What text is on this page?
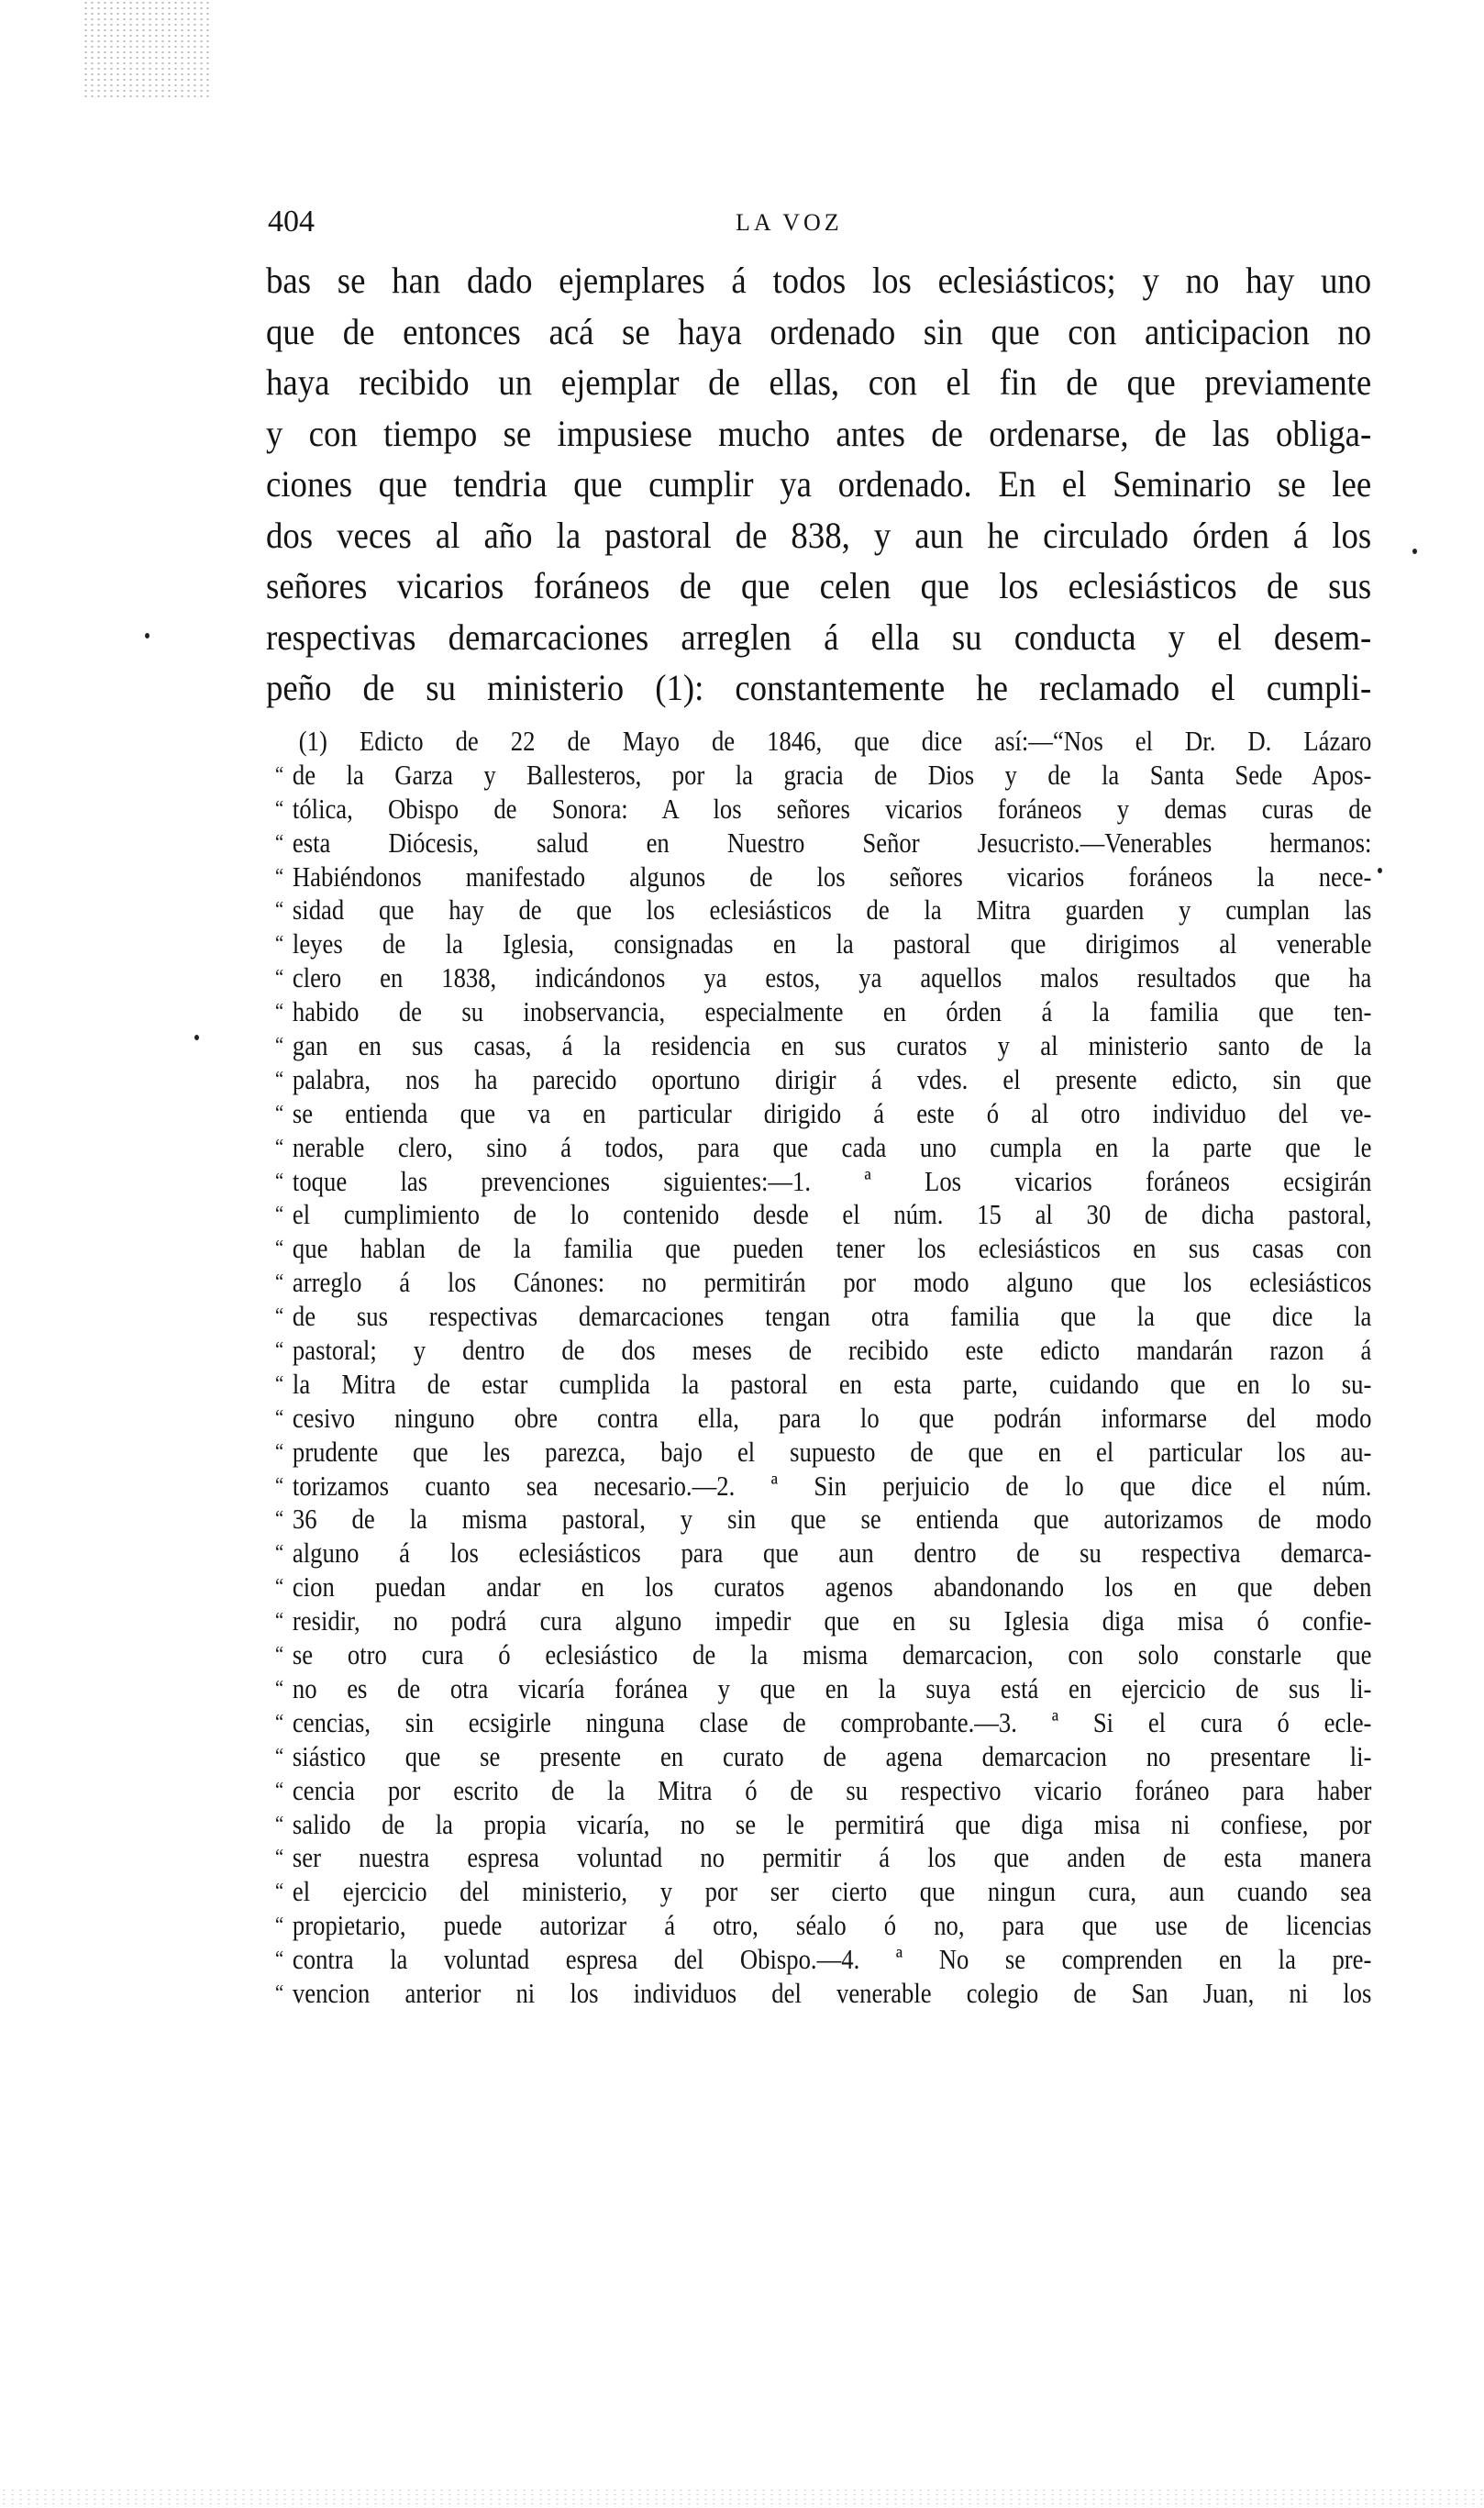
404	LA VOZ
bas se han dado ejemplares á todos los eclesiásticos; y no hay uno
que de entonces acá se haya ordenado sin que con anticipacion no
haya recibido un ejemplar de ellas, con el fin de que previamente
y con tiempo se impusiese mucho antes de ordenarse, de las obliga-
ciones que tendria que cumplir ya ordenado. En el Seminario se lee
dos veces al año la pastoral de 838, y aun he circulado órden á los
señores vicarios foráneos de que celen que los eclesiásticos de sus
respectivas demarcaciones arreglen á ella su conducta y el desem-
peño de su ministerio (1): constantemente he reclamado el cumpli-
(1) Edicto de 22 de Mayo de 1846, que dice así:—“Nos el Dr. D. Lázaro
“ de la Garza y Ballesteros, por la gracia de Dios y de la Santa Sede Apos-
“ tólica, Obispo de Sonora: A los señores vicarios foráneos y demas curas de
“ esta Diócesis, salud en Nuestro Señor Jesucristo.—Venerables hermanos:
“ Habiéndonos manifestado algunos de los señores vicarios foráneos la nece-
“ sidad que hay de que los eclesiásticos de la Mitra guarden y cumplan las
“ leyes de la Iglesia, consignadas en la pastoral que dirigimos al venerable
“ clero en 1838, indicándonos ya estos, ya aquellos malos resultados que ha
“ habido de su inobservancia, especialmente en órden á la familia que ten-
“ gan en sus casas, á la residencia en sus curatos y al ministerio santo de la
“ palabra, nos ha parecido oportuno dirigir á vdes. el presente edicto, sin que
“ se entienda que va en particular dirigido á este ó al otro individuo del ve-
“ nerable clero, sino á todos, para que cada uno cumpla en la parte que le
“ toque las prevenciones siguientes:—1. ª Los vicarios foráneos ecsigirán
“ el cumplimiento de lo contenido desde el núm. 15 al 30 de dicha pastoral,
“ que hablan de la familia que pueden tener los eclesiásticos en sus casas con
“ arreglo á los Cánones: no permitirán por modo alguno que los eclesiásticos
“ de sus respectivas demarcaciones tengan otra familia que la que dice la
“ pastoral; y dentro de dos meses de recibido este edicto mandarán razon á
“ la Mitra de estar cumplida la pastoral en esta parte, cuidando que en lo su-
“ cesivo ninguno obre contra ella, para lo que podrán informarse del modo
“ prudente que les parezca, bajo el supuesto de que en el particular los au-
“ torizamos cuanto sea necesario.—2. ª Sin perjuicio de lo que dice el núm.
“ 36 de la misma pastoral, y sin que se entienda que autorizamos de modo
“ alguno á los eclesiásticos para que aun dentro de su respectiva demarca-
“ cion puedan andar en los curatos agenos abandonando los en que deben
“ residir, no podrá cura alguno impedir que en su Iglesia diga misa ó confie-
“ se otro cura ó eclesiástico de la misma demarcacion, con solo constarle que
“ no es de otra vicaría foránea y que en la suya está en ejercicio de sus li-
“ cencias, sin ecsigirle ninguna clase de comprobante.—3. ª Si el cura ó ecle-
“ siástico que se presente en curato de agena demarcacion no presentare li-
“ cencia por escrito de la Mitra ó de su respectivo vicario foráneo para haber
“ salido de la propia vicaría, no se le permitirá que diga misa ni confiese, por
“ ser nuestra espresa voluntad no permitir á los que anden de esta manera
“ el ejercicio del ministerio, y por ser cierto que ningun cura, aun cuando sea
“ propietario, puede autorizar á otro, séalo ó no, para que use de licencias
“ contra la voluntad espresa del Obispo.—4. ª No se comprenden en la pre-
“ vencion anterior ni los individuos del venerable colegio de San Juan, ni los
